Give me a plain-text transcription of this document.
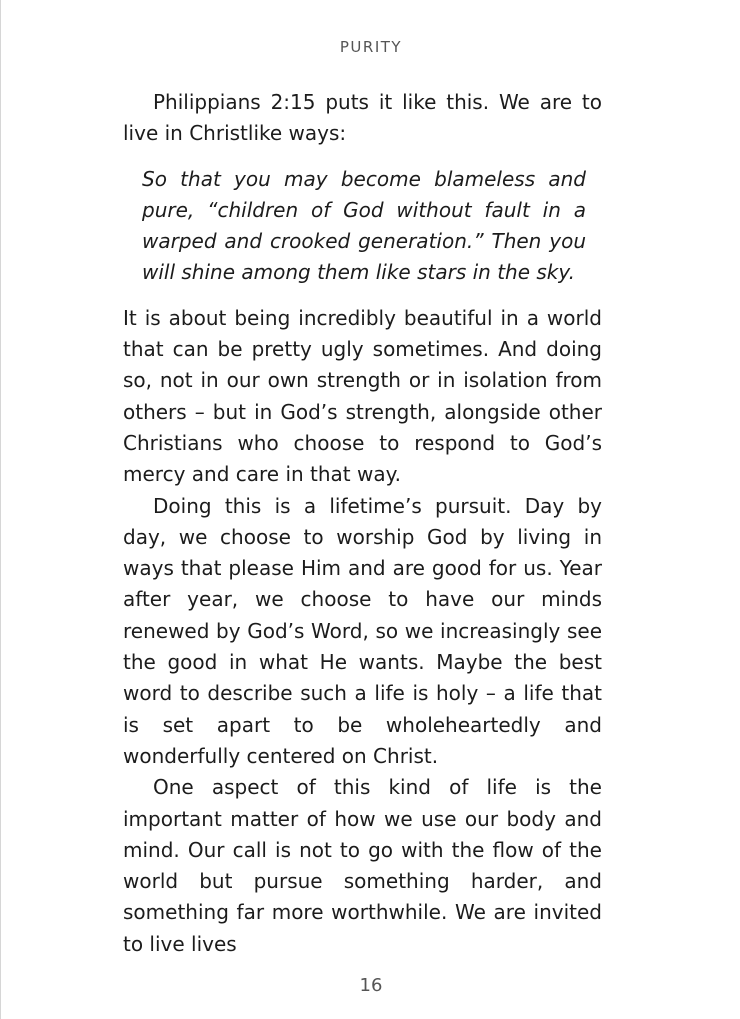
PURITY

Philippians 2:15 puts it like this. We are to live in Christlike ways:

So that you may become blameless and pure, “children of God without fault in a warped and crooked generation.” Then you will shine among them like stars in the sky.

It is about being incredibly beautiful in a world that can be pretty ugly sometimes. And doing so, not in our own strength or in isolation from others – but in God’s strength, alongside other Christians who choose to respond to God’s mercy and care in that way.

Doing this is a lifetime’s pursuit. Day by day, we choose to worship God by living in ways that please Him and are good for us. Year after year, we choose to have our minds renewed by God’s Word, so we increasingly see the good in what He wants. Maybe the best word to describe such a life is holy – a life that is set apart to be wholeheartedly and wonderfully centered on Christ.

One aspect of this kind of life is the important matter of how we use our body and mind. Our call is not to go with the flow of the world but pursue something harder, and something far more worthwhile. We are invited to live lives

16
